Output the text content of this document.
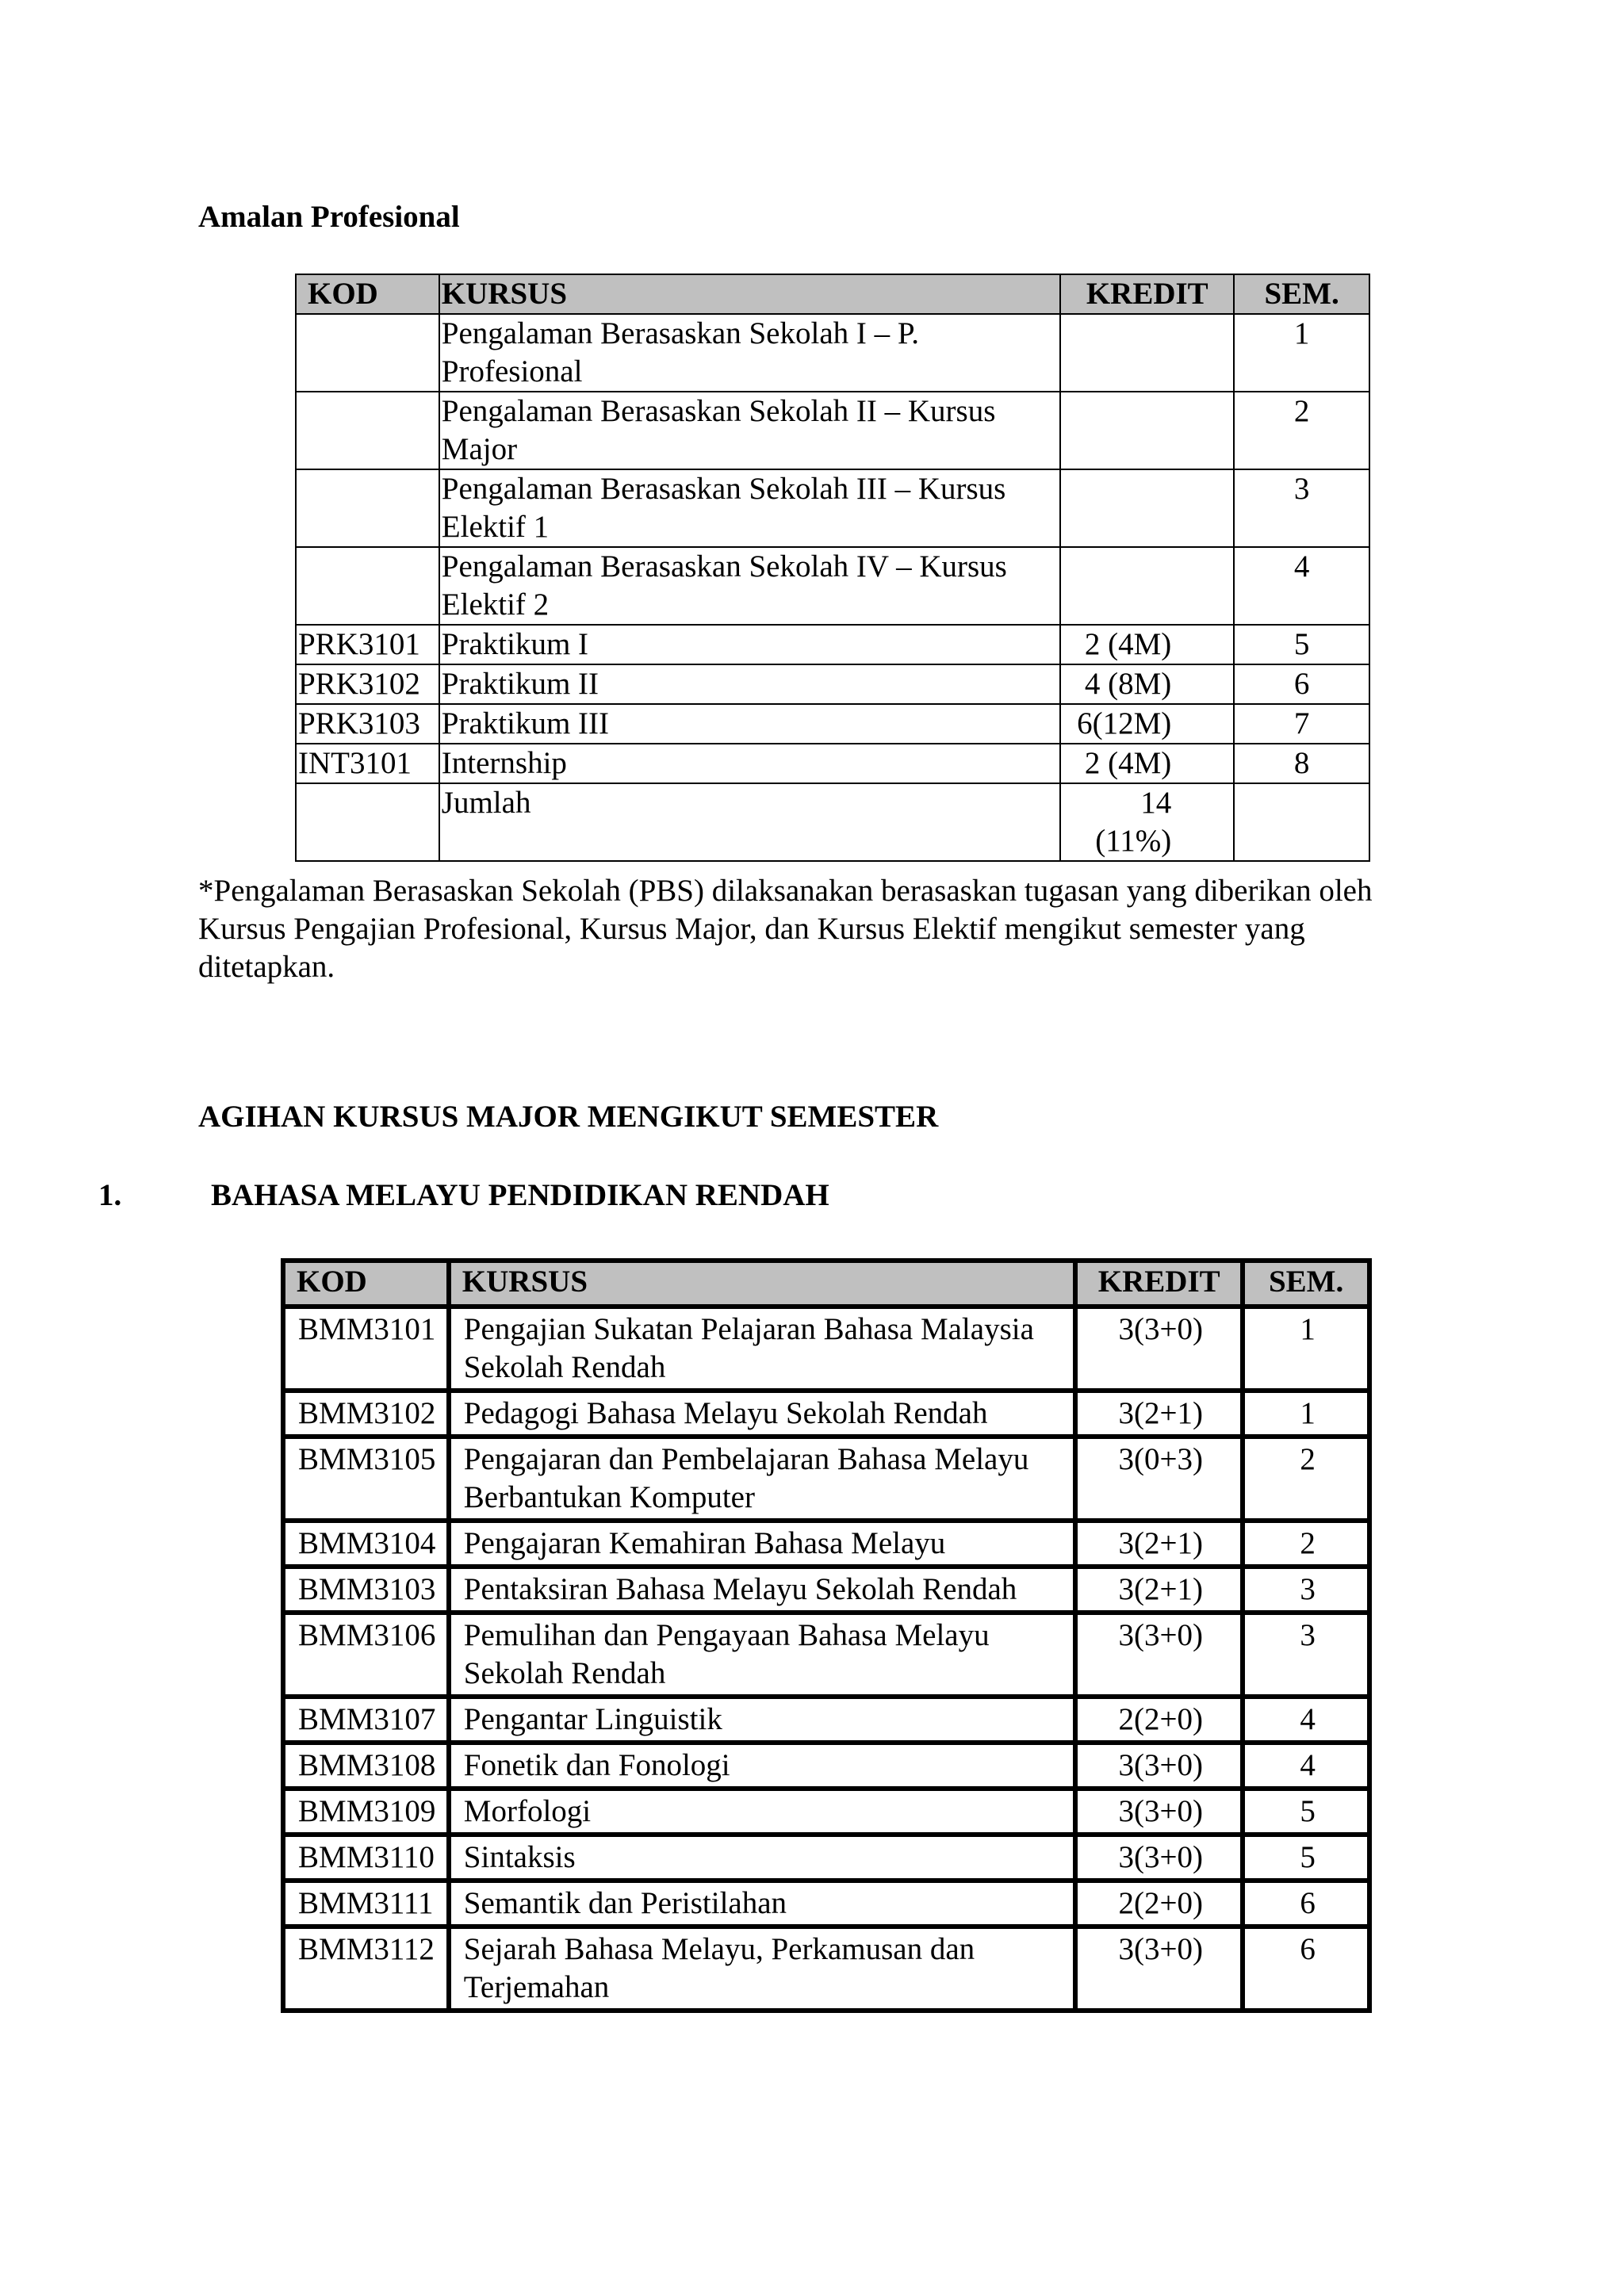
Amalan Profesional
KOD	KURSUS	KREDIT	SEM.
	Pengalaman Berasaskan Sekolah I – P. Profesional		1
	Pengalaman Berasaskan Sekolah II – Kursus Major		2
	Pengalaman Berasaskan Sekolah III – Kursus Elektif 1		3
	Pengalaman Berasaskan Sekolah IV – Kursus Elektif 2		4
PRK3101	Praktikum I	2 (4M)	5
PRK3102	Praktikum II	4 (8M)	6
PRK3103	Praktikum III	6(12M)	7
INT3101	Internship	2 (4M)	8
	Jumlah	14 (11%)	
*Pengalaman Berasaskan Sekolah (PBS) dilaksanakan berasaskan tugasan yang diberikan oleh Kursus Pengajian Profesional, Kursus Major, dan Kursus Elektif mengikut semester yang ditetapkan.
AGIHAN KURSUS MAJOR MENGIKUT SEMESTER
1.	BAHASA MELAYU PENDIDIKAN RENDAH
KOD	KURSUS	KREDIT	SEM.
BMM3101	Pengajian Sukatan Pelajaran Bahasa Malaysia Sekolah Rendah	3(3+0)	1
BMM3102	Pedagogi Bahasa Melayu Sekolah Rendah	3(2+1)	1
BMM3105	Pengajaran dan Pembelajaran Bahasa Melayu Berbantukan Komputer	3(0+3)	2
BMM3104	Pengajaran Kemahiran Bahasa Melayu	3(2+1)	2
BMM3103	Pentaksiran Bahasa Melayu Sekolah Rendah	3(2+1)	3
BMM3106	Pemulihan dan Pengayaan Bahasa Melayu Sekolah Rendah	3(3+0)	3
BMM3107	Pengantar Linguistik	2(2+0)	4
BMM3108	Fonetik dan Fonologi	3(3+0)	4
BMM3109	Morfologi	3(3+0)	5
BMM3110	Sintaksis	3(3+0)	5
BMM3111	Semantik dan Peristilahan	2(2+0)	6
BMM3112	Sejarah Bahasa Melayu, Perkamusan dan Terjemahan	3(3+0)	6
